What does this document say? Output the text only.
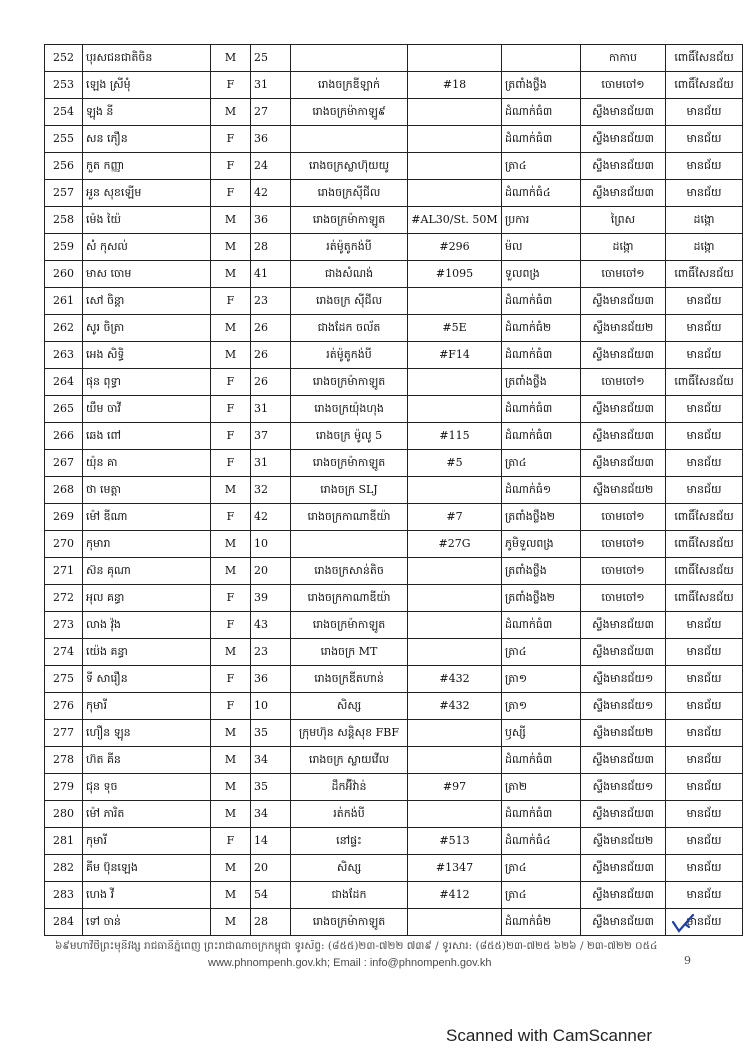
252	បុរសជនជាតិចិន	M	25				កាកាប	ពោធិ៍សែនជ័យ
253	ឡេង ស្រីមុំ	F	31	រោងចក្រឌីឡាក់	#18	ត្រពាំងថ្លឹង	ចោមចៅ១	ពោធិ៍សែនជ័យ
254	ឡុង នី	M	27	រោងចក្រម៉ាកាឡូ៩		ដំណាក់ធំ៣	ស្ទឹងមានជ័យ៣	មានជ័យ
255	សន ភឿន	F	36			ដំណាក់ធំ៣	ស្ទឹងមានជ័យ៣	មានជ័យ
256	កួត កញ្ញា	F	24	រោងចក្រស្លាហ៊ុយយូ		ត្រា៤	ស្ទឹងមានជ័យ៣	មានជ័យ
257	អួន សុខឡើម	F	42	រោងចក្រស៊ីជីល		ដំណាក់ធំ៤	ស្ទឹងមានជ័យ៣	មានជ័យ
258	ម៉េង យ៉ៃ	M	36	រោងចក្រម៉ាកាឡូត	#AL30/St. 50M	ប្រការ	ព្រៃស	ដង្កោ
259	សំ កុសល់	M	28	រត់ម៉ូតូកង់បី	#296	ម៉ល	ដង្កោ	ដង្កោ
260	មាស ចោម	M	41	ជាងសំណង់	#1095	ទួលពង្រ	ចោមចៅ១	ពោធិ៍សែនជ័យ
261	សៅ ចិន្តា	F	23	រោងចក្រ ស៊ីជីល		ដំណាក់ធំ៣	ស្ទឹងមានជ័យ៣	មានជ័យ
262	សូរ ចិត្រា	M	26	ជាងដែក ចល័ត	#5E	ដំណាក់ធំ២	ស្ទឹងមានជ័យ២	មានជ័យ
263	អេង សិទ្ធិ	M	26	រត់ម៉ូតូកង់បី	#F14	ដំណាក់ធំ៣	ស្ទឹងមានជ័យ៣	មានជ័យ
264	ផុន ពុទ្ធា	F	26	រោងចក្រម៉ាកាឡូត		ត្រពាំងថ្លឹង	ចោមចៅ១	ពោធិ៍សែនជ័យ
265	យឹម ចាវី	F	31	រោងចក្រយ៉ុងហុង		ដំណាក់ធំ៣	ស្ទឹងមានជ័យ៣	មានជ័យ
266	ឆេង ពៅ	F	37	រោងចក្រ ម៉ូលូ 5	#115	ដំណាក់ធំ៣	ស្ទឹងមានជ័យ៣	មានជ័យ
267	យ៉ុន គា	F	31	រោងចក្រម៉ាកាឡូត	#5	ត្រា៤	ស្ទឹងមានជ័យ៣	មានជ័យ
268	ថា មេត្តា	M	32	រោងចក្រ SLJ		ដំណាក់ធំ១	ស្ទឹងមានជ័យ២	មានជ័យ
269	ម៉ៅ ឌីណា	F	42	រោងចក្រកាណាឌីយ៉ា	#7	ត្រពាំងថ្លឹង២	ចោមចៅ១	ពោធិ៍សែនជ័យ
270	កុមារា	M	10		#27G	ភូមិទួលពង្រ	ចោមចៅ១	ពោធិ៍សែនជ័យ
271	ស៊ន គុណា	M	20	រោងចក្រសាន់តិច		ត្រពាំងថ្លឹង	ចោមចៅ១	ពោធិ៍សែនជ័យ
272	អុល គន្ធា	F	39	រោងចក្រកាណាឌីយ៉ា		ត្រពាំងថ្លឹង២	ចោមចៅ១	ពោធិ៍សែនជ័យ
273	លាង វ៉ុង	F	43	រោងចក្រម៉ាកាឡូត		ដំណាក់ធំ៣	ស្ទឹងមានជ័យ៣	មានជ័យ
274	យ៉េង គន្ធា	M	23	រោងចក្រ MT		ត្រា៤	ស្ទឹងមានជ័យ៣	មានជ័យ
275	ទី សារឿន	F	36	រោងចក្រឌីតហាន់	#432	ត្រា១	ស្ទឹងមានជ័យ១	មានជ័យ
276	កុមារី	F	10	សិស្ស	#432	ត្រា១	ស្ទឹងមានជ័យ១	មានជ័យ
277	ហឿន ឡុន	M	35	ក្រុមហ៊ុន សន្តិសុខ FBF		ឫស្សី	ស្ទឹងមានជ័យ២	មានជ័យ
278	ហ៊ត គីន	M	34	រោងចក្រ ស្លាយវើល		ដំណាក់ធំ៣	ស្ទឹងមានជ័យ៣	មានជ័យ
279	ជុន ទុច	M	35	ដឹកអ៊ីវ៉ាន់	#97	ត្រា២	ស្ទឹងមានជ័យ១	មានជ័យ
280	ម៉ៅ ភារិត	M	34	រត់កង់បី		ដំណាក់ធំ៣	ស្ទឹងមានជ័យ៣	មានជ័យ
281	កុមារី	F	14	នៅផ្ទះ	#513	ដំណាក់ធំ៤	ស្ទឹងមានជ័យ២	មានជ័យ
282	គីម ប៊ុនឡេង	M	20	សិស្ស	#1347	ត្រា៤	ស្ទឹងមានជ័យ៣	មានជ័យ
283	ហេង វី	M	54	ជាងដែក	#412	ត្រា៤	ស្ទឹងមានជ័យ៣	មានជ័យ
284	ទៅ ចាន់	M	28	រោងចក្រម៉ាកាឡូត		ដំណាក់ធំ២	ស្ទឹងមានជ័យ៣	មានជ័យ
៦៩មហាវិថីព្រះមុនីវង្ស រាជធានីភ្នំពេញ ព្រះរាជាណាចក្រកម្ពុជា ទូរស័ព្ទ: (៨៥៥)២៣-៧២២ ៧៣៩ / ទូរសារ: (៨៥៥)២៣-៧២៥ ៦២៦ / ២៣-៧២២ ០៥៤
www.phnompenh.gov.kh; Email : info@phnompenh.gov.kh	9
Scanned with CamScanner
